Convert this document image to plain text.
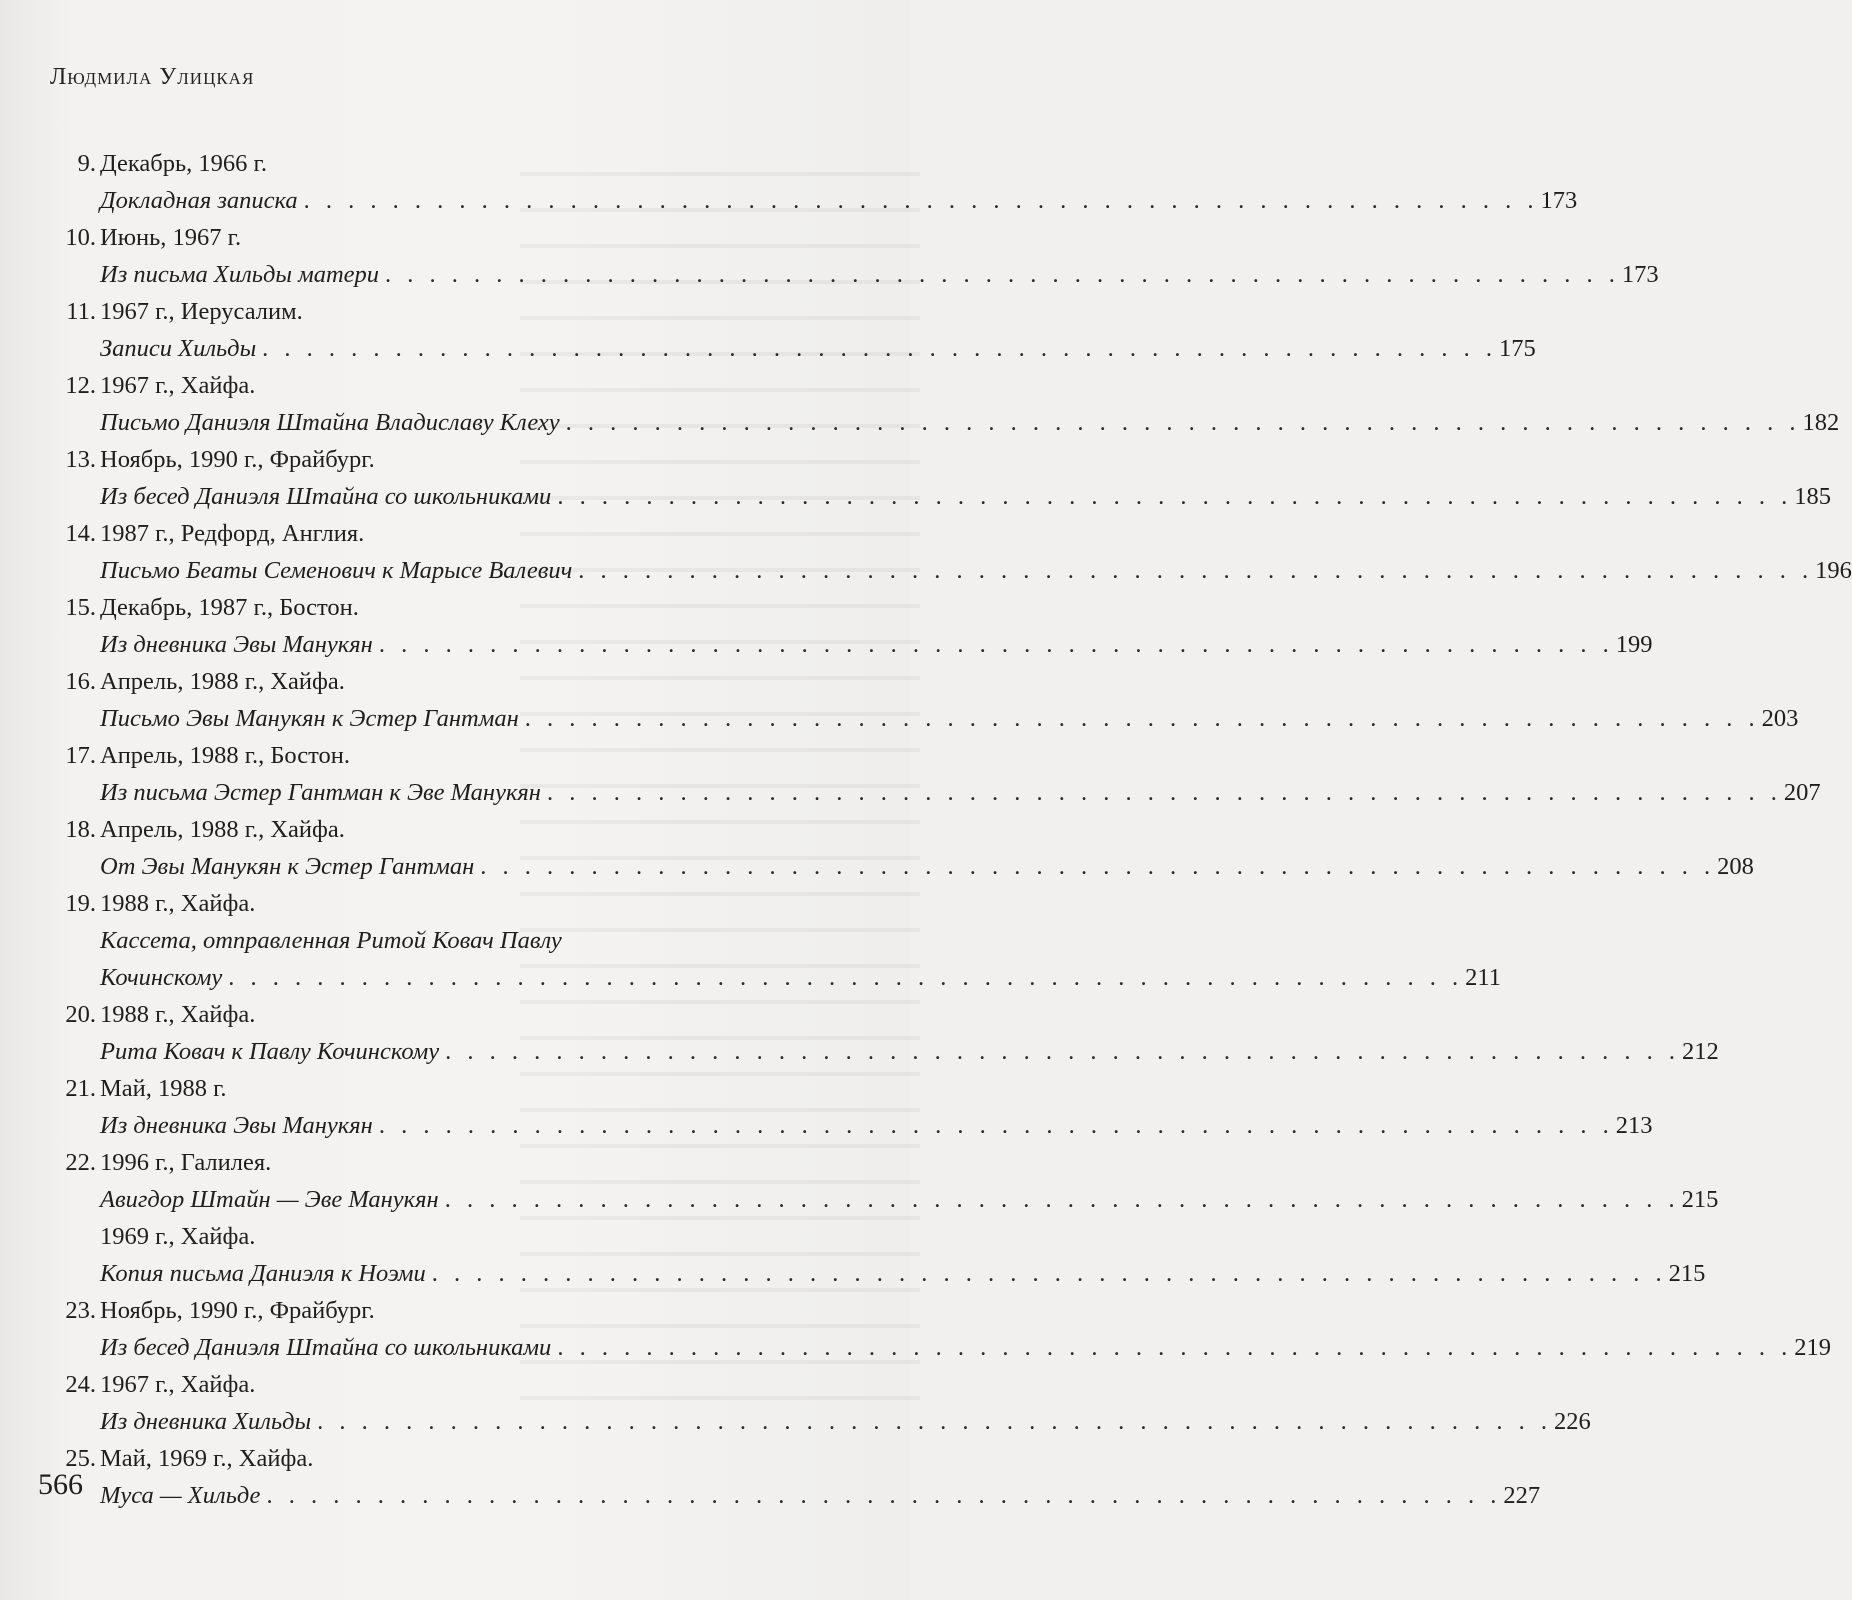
Людмила Улицкая
9. Декабрь, 1966 г.
Докладная записка . . . . . . . . . . . . . . . . . . . . . . . . . . . . . . . . . . . . . . . . . . . . . . . . . . . . . . . . 173
10. Июнь, 1967 г.
Из письма Хильды матери . . . . . . . . . . . . . . . . . . . . . . . . . . . . . . . . . . . . . . . . . . . . . . . . . . . . . . . . 173
11. 1967 г., Иерусалим.
Записи Хильды . . . . . . . . . . . . . . . . . . . . . . . . . . . . . . . . . . . . . . . . . . . . . . . . . . . . . . . . 175
12. 1967 г., Хайфа.
Письмо Даниэля Штайна Владиславу Клеху . . . . . . . . . . . . . . . . . . . . . . . . . . . . . . . . . . . . . . . . . . . . . . . . . . . . . . . . 182
13. Ноябрь, 1990 г., Фрайбург.
Из бесед Даниэля Штайна со школьниками . . . . . . . . . . . . . . . . . . . . . . . . . . . . . . . . . . . . . . . . . . . . . . . . . . . . . . . . 185
14. 1987 г., Редфорд, Англия.
Письмо Беаты Семенович к Марысе Валевич . . . . . . . . . . . . . . . . . . . . . . . . . . . . . . . . . . . . . . . . . . . . . . . . . . . . . . . . 196
15. Декабрь, 1987 г., Бостон.
Из дневника Эвы Манукян . . . . . . . . . . . . . . . . . . . . . . . . . . . . . . . . . . . . . . . . . . . . . . . . . . . . . . . . 199
16. Апрель, 1988 г., Хайфа.
Письмо Эвы Манукян к Эстер Гантман . . . . . . . . . . . . . . . . . . . . . . . . . . . . . . . . . . . . . . . . . . . . . . . . . . . . . . . . 203
17. Апрель, 1988 г., Бостон.
Из письма Эстер Гантман к Эве Манукян . . . . . . . . . . . . . . . . . . . . . . . . . . . . . . . . . . . . . . . . . . . . . . . . . . . . . . . . 207
18. Апрель, 1988 г., Хайфа.
От Эвы Манукян к Эстер Гантман . . . . . . . . . . . . . . . . . . . . . . . . . . . . . . . . . . . . . . . . . . . . . . . . . . . . . . . . 208
19. 1988 г., Хайфа.
Кассета, отправленная Ритой Ковач Павлу
Кочинскому . . . . . . . . . . . . . . . . . . . . . . . . . . . . . . . . . . . . . . . . . . . . . . . . . . . . . . . . 211
20. 1988 г., Хайфа.
Рита Ковач к Павлу Кочинскому . . . . . . . . . . . . . . . . . . . . . . . . . . . . . . . . . . . . . . . . . . . . . . . . . . . . . . . . 212
21. Май, 1988 г.
Из дневника Эвы Манукян . . . . . . . . . . . . . . . . . . . . . . . . . . . . . . . . . . . . . . . . . . . . . . . . . . . . . . . . 213
22. 1996 г., Галилея.
Авигдор Штайн — Эве Манукян . . . . . . . . . . . . . . . . . . . . . . . . . . . . . . . . . . . . . . . . . . . . . . . . . . . . . . . . 215
1969 г., Хайфа.
Копия письма Даниэля к Ноэми . . . . . . . . . . . . . . . . . . . . . . . . . . . . . . . . . . . . . . . . . . . . . . . . . . . . . . . . 215
23. Ноябрь, 1990 г., Фрайбург.
Из бесед Даниэля Штайна со школьниками . . . . . . . . . . . . . . . . . . . . . . . . . . . . . . . . . . . . . . . . . . . . . . . . . . . . . . . . 219
24. 1967 г., Хайфа.
Из дневника Хильды . . . . . . . . . . . . . . . . . . . . . . . . . . . . . . . . . . . . . . . . . . . . . . . . . . . . . . . . 226
25. Май, 1969 г., Хайфа.
Муса — Хильде . . . . . . . . . . . . . . . . . . . . . . . . . . . . . . . . . . . . . . . . . . . . . . . . . . . . . . . . 227
566
